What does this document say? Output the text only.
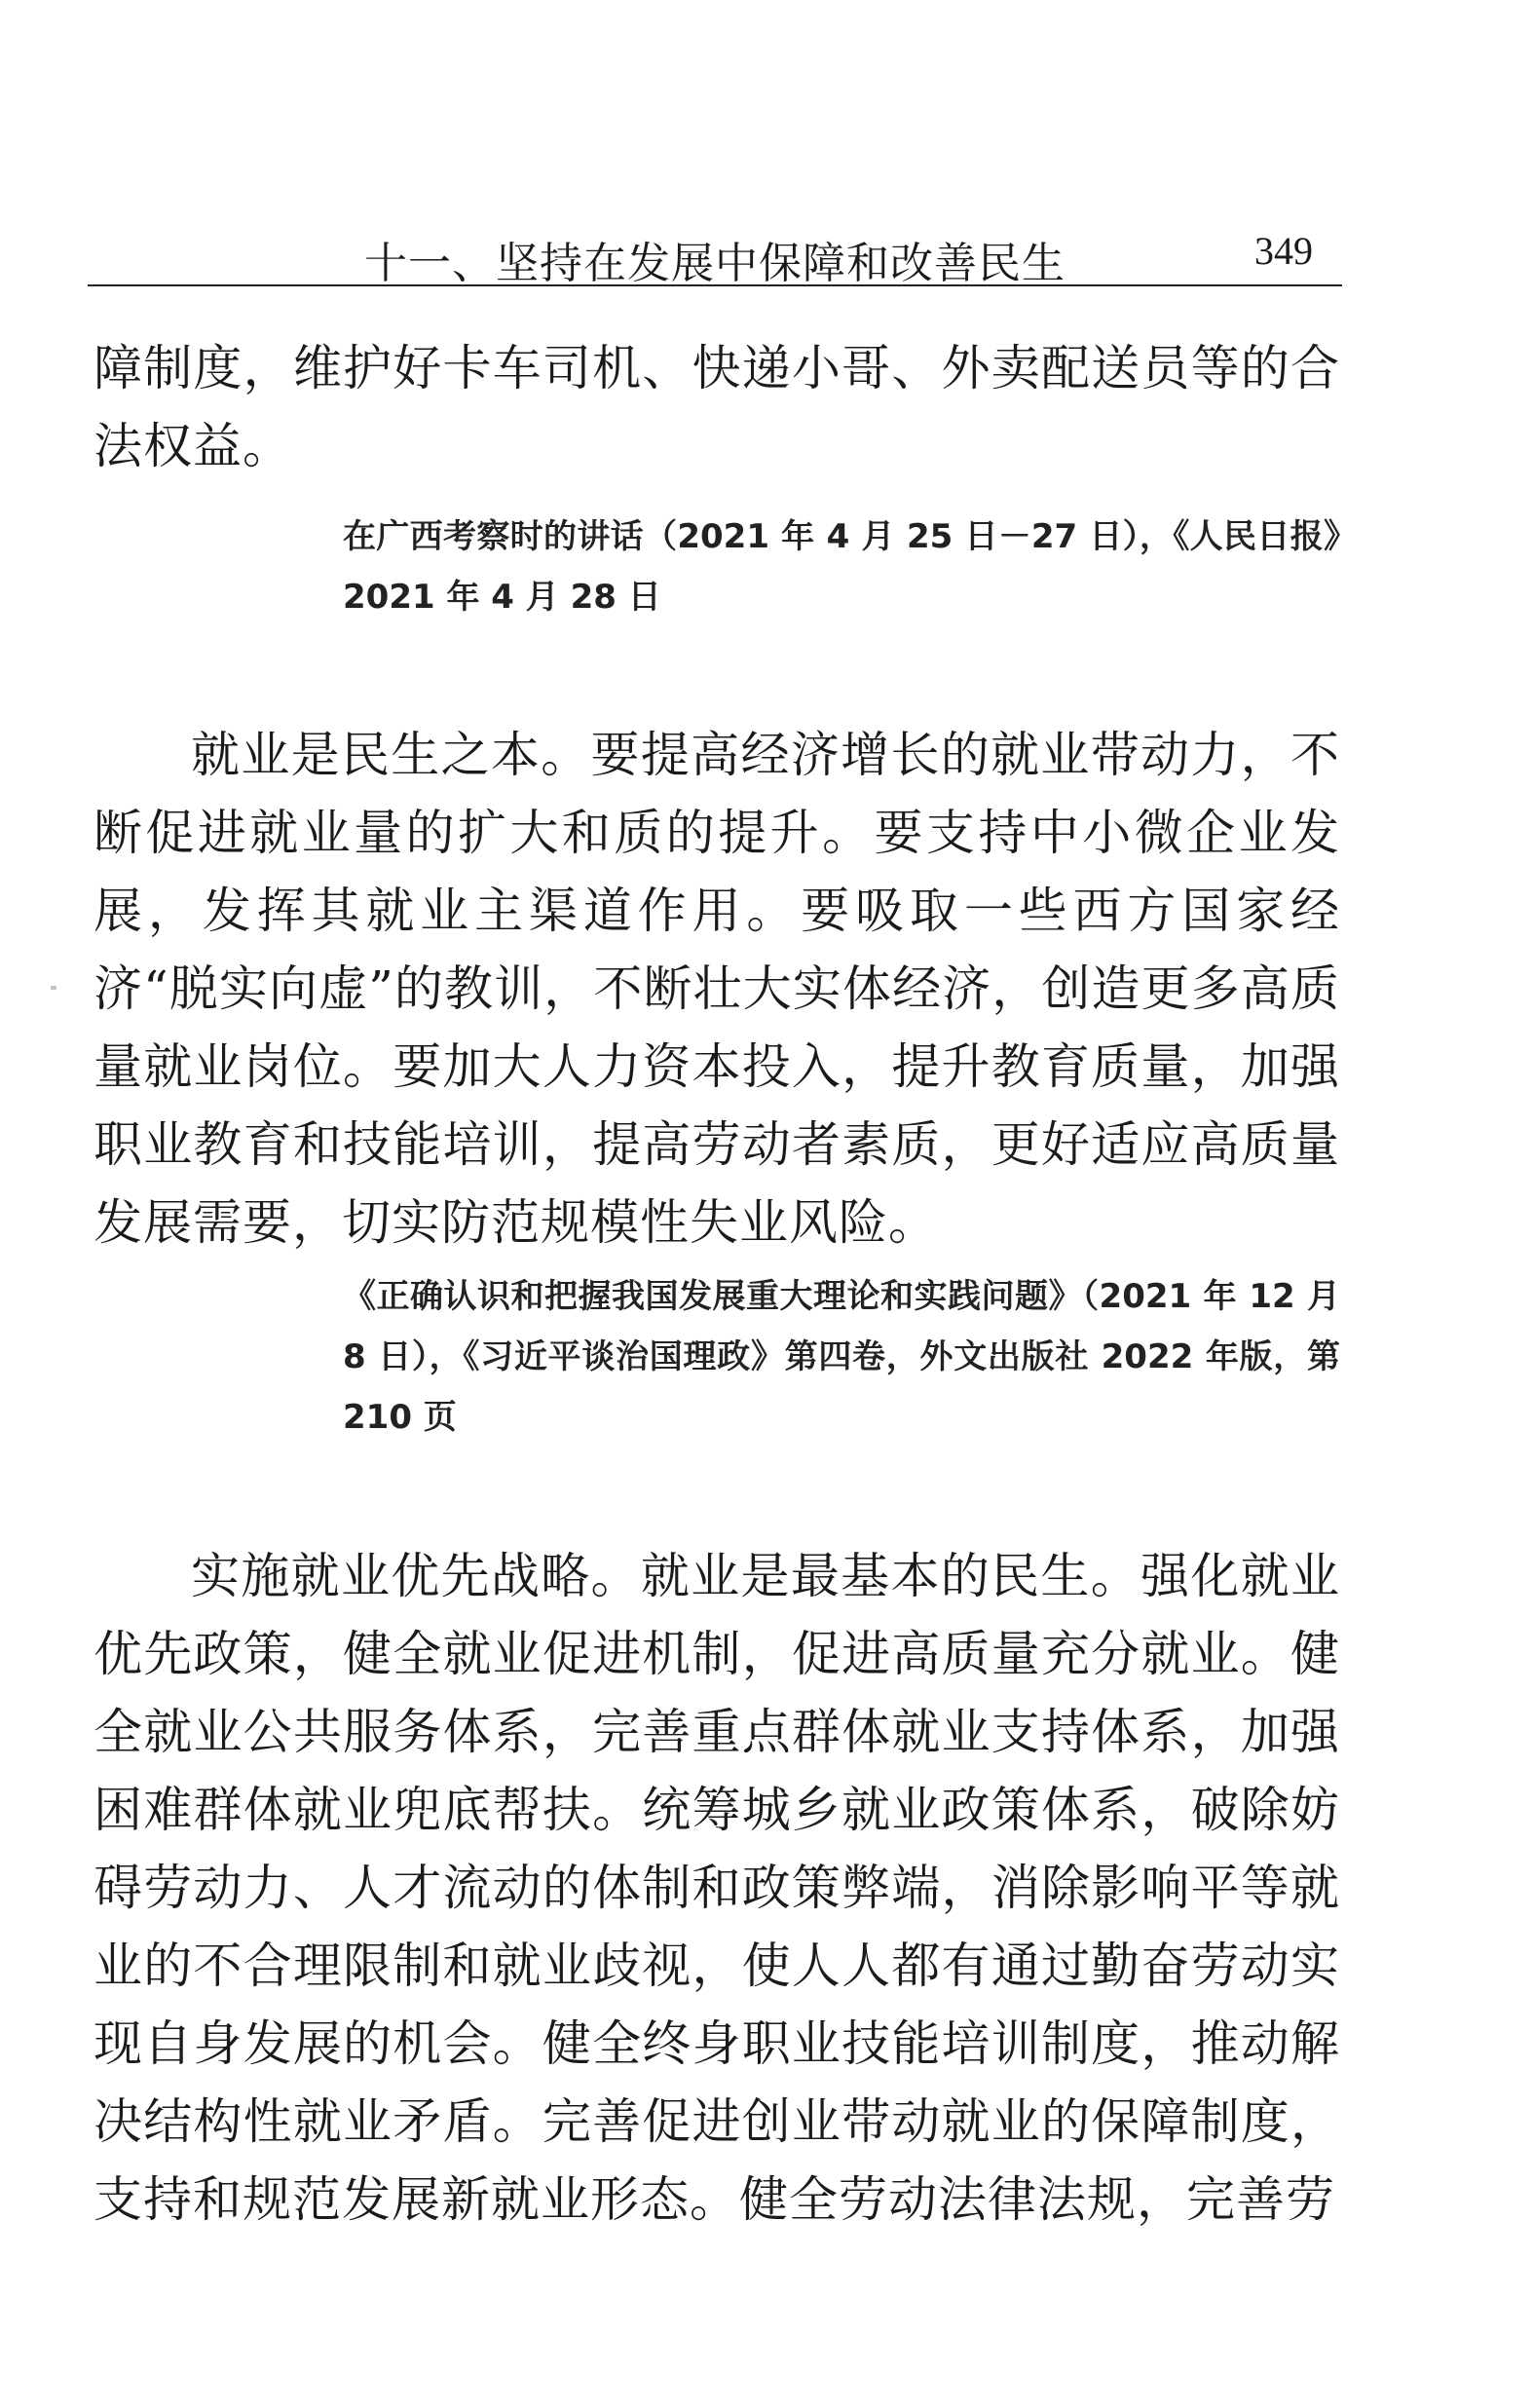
十一、坚持在发展中保障和改善民生	349
障制度，维护好卡车司机、快递小哥、外卖配送员等的合法权益。
在广西考察时的讲话（2021 年 4 月 25 日－27 日），《人民日报》2021 年 4 月 28 日
就业是民生之本。要提高经济增长的就业带动力，不断促进就业量的扩大和质的提升。要支持中小微企业发展，发挥其就业主渠道作用。要吸取一些西方国家经济“脱实向虚”的教训，不断壮大实体经济，创造更多高质量就业岗位。要加大人力资本投入，提升教育质量，加强职业教育和技能培训，提高劳动者素质，更好适应高质量发展需要，切实防范规模性失业风险。
《正确认识和把握我国发展重大理论和实践问题》（2021 年 12 月 8 日），《习近平谈治国理政》第四卷，外文出版社 2022 年版，第 210 页
实施就业优先战略。就业是最基本的民生。强化就业优先政策，健全就业促进机制，促进高质量充分就业。健全就业公共服务体系，完善重点群体就业支持体系，加强困难群体就业兜底帮扶。统筹城乡就业政策体系，破除妨碍劳动力、人才流动的体制和政策弊端，消除影响平等就业的不合理限制和就业歧视，使人人都有通过勤奋劳动实现自身发展的机会。健全终身职业技能培训制度，推动解决结构性就业矛盾。完善促进创业带动就业的保障制度，支持和规范发展新就业形态。健全劳动法律法规，完善劳
